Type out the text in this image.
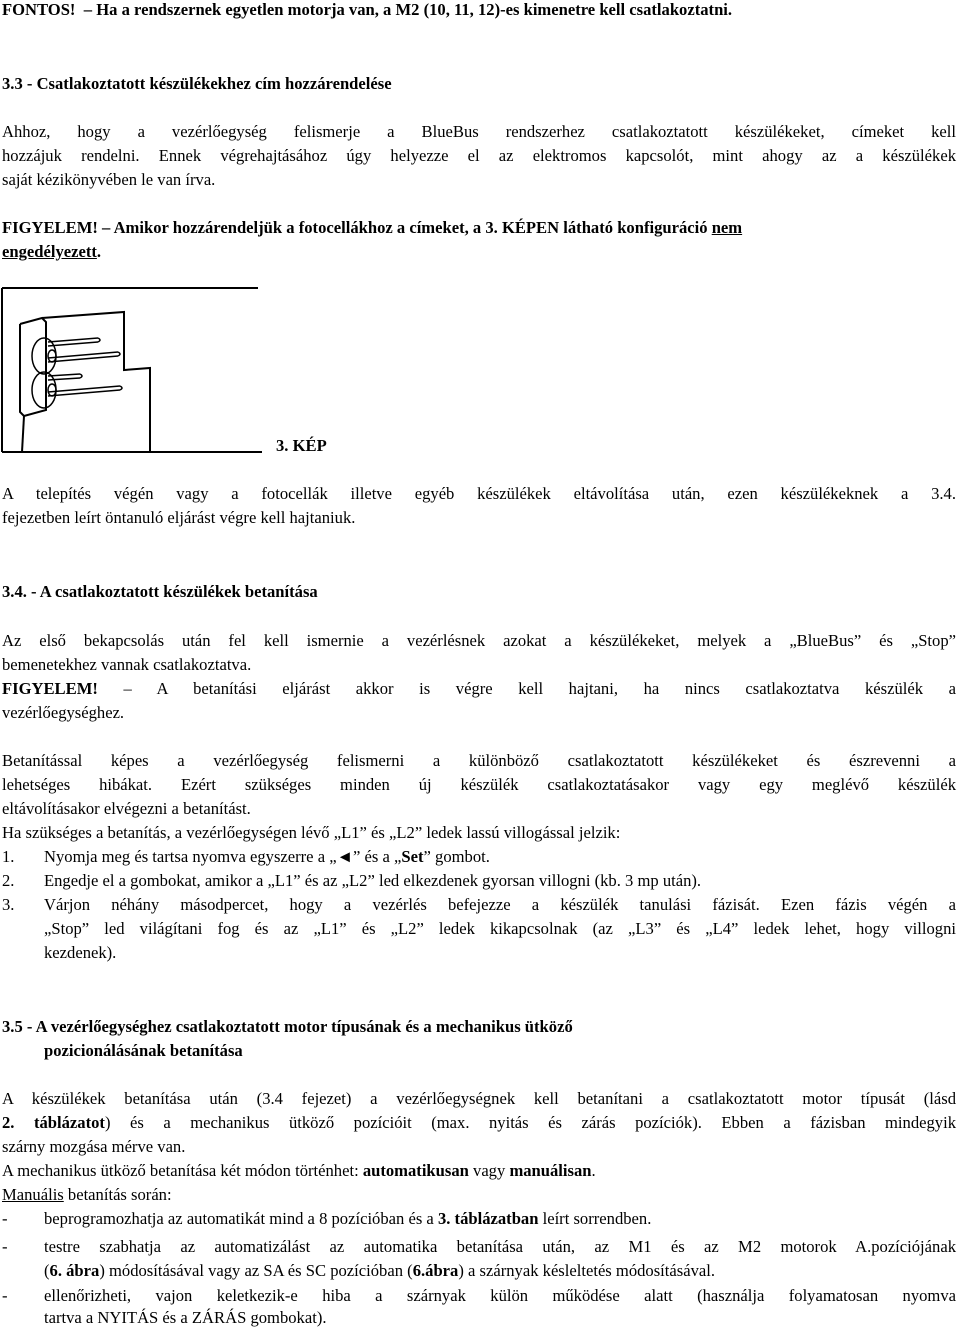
FONTOS!  – Ha a rendszernek egyetlen motorja van, a M2 (10, 11, 12)-es kimenetre kell csatlakoztatni.
3.3 - Csatlakoztatott készülékekhez cím hozzárendelése
Ahhoz, hogy a vezérlőegység felismerje a BlueBus rendszerhez csatlakoztatott készülékeket, címeket kell
hozzájuk rendelni. Ennek végrehajtásához úgy helyezze el az elektromos kapcsolót, mint ahogy az a készülékek
saját kézikönyvében le van írva.
FIGYELEM! – Amikor hozzárendeljük a fotocellákhoz a címeket, a 3. KÉPEN látható konfiguráció nem
engedélyezett.
3. KÉP
A telepítés végén vagy a fotocellák illetve egyéb készülékek eltávolítása után, ezen készülékeknek a 3.4.
fejezetben leírt öntanuló eljárást végre kell hajtaniuk.
3.4. - A csatlakoztatott készülékek betanítása
Az első bekapcsolás után fel kell ismernie a vezérlésnek azokat a készülékeket, melyek a „BlueBus” és „Stop”
bemenetekhez vannak csatlakoztatva.
FIGYELEM! – A betanítási eljárást akkor is végre kell hajtani, ha nincs csatlakoztatva készülék a
vezérlőegységhez.
Betanítással képes a vezérlőegység felismerni a különböző csatlakoztatott készülékeket és észrevenni a
lehetséges hibákat. Ezért szükséges minden új készülék csatlakoztatásakor vagy egy meglévő készülék
eltávolításakor elvégezni a betanítást.
Ha szükséges a betanítás, a vezérlőegységen lévő „L1” és „L2” ledek lassú villogással jelzik:
1. Nyomja meg és tartsa nyomva egyszerre a „◄” és a „Set” gombot.
2. Engedje el a gombokat, amikor a „L1” és az „L2” led elkezdenek gyorsan villogni (kb. 3 mp után).
3. Várjon néhány másodpercet, hogy a vezérlés befejezze a készülék tanulási fázisát. Ezen fázis végén a
„Stop” led világítani fog és az „L1” és „L2” ledek kikapcsolnak (az „L3” és „L4” ledek lehet, hogy villogni
kezdenek).
3.5 - A vezérlőegységhez csatlakoztatott motor típusának és a mechanikus ütköző
pozicionálásának betanítása
A készülékek betanítása után (3.4 fejezet) a vezérlőegységnek kell betanítani a csatlakoztatott motor típusát (lásd
2. táblázatot) és a mechanikus ütköző pozícióit (max. nyitás és zárás pozíciók). Ebben a fázisban mindegyik
szárny mozgása mérve van.
A mechanikus ütköző betanítása két módon történhet: automatikusan vagy manuálisan.
Manuális betanítás során:
- beprogramozhatja az automatikát mind a 8 pozícióban és a 3. táblázatban leírt sorrendben.
- testre szabhatja az automatizálást az automatika betanítása után, az M1 és az M2 motorok A.pozíciójának
(6. ábra) módosításával vagy az SA és SC pozícióban (6.ábra) a szárnyak késleltetés módosításával.
- ellenőrizheti, vajon keletkezik-e hiba a szárnyak külön működése alatt (használja folyamatosan nyomva
tartva a NYITÁS és a ZÁRÁS gombokat).
